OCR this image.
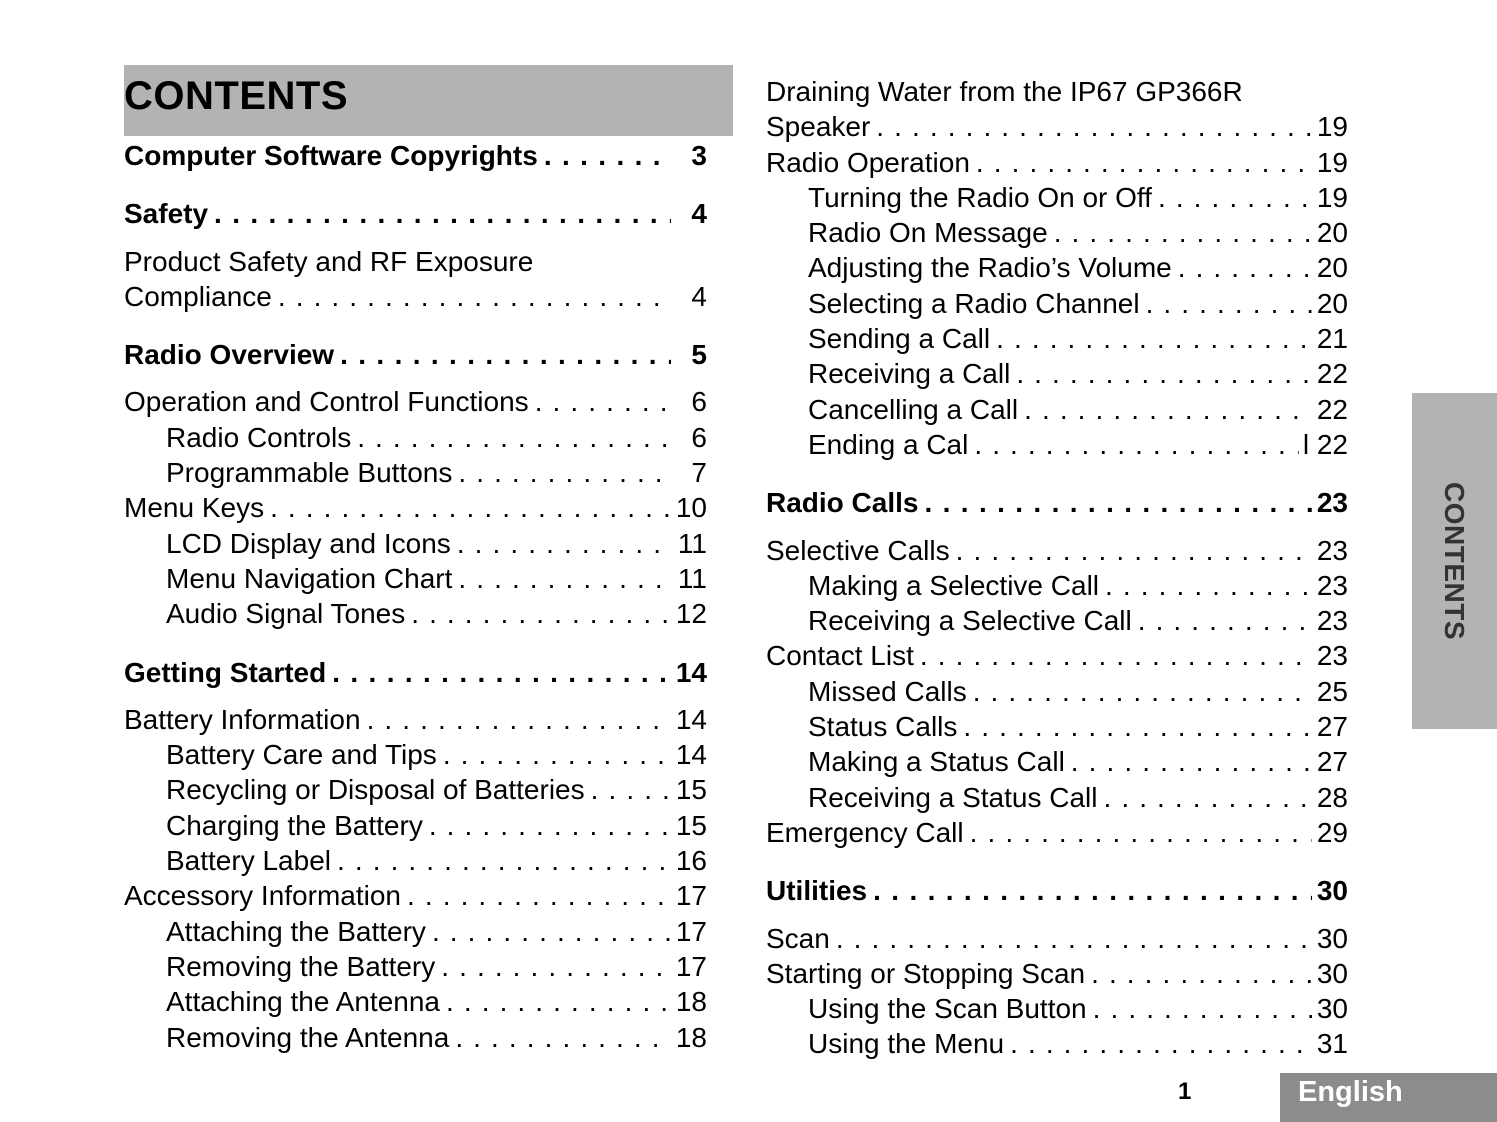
CONTENTS
Computer Software Copyrights . . .	3
Safety . . .	4
Product Safety and RF Exposure
Compliance . . .	4
Radio Overview . . .	5
Operation and Control Functions . . .	6
Radio Controls . . .	6
Programmable Buttons . . .	7
Menu Keys . . .	10
LCD Display and Icons . . .	11
Menu Navigation Chart . . .	11
Audio Signal Tones . . .	12
Getting Started . . .	14
Battery Information . . .	14
Battery Care and Tips . . .	14
Recycling or Disposal of Batteries . . .	15
Charging the Battery . . .	15
Battery Label . . .	16
Accessory Information . . .	17
Attaching the Battery . . .	17
Removing the Battery . . .	17
Attaching the Antenna . . .	18
Removing the Antenna . . .	18
Draining Water from the IP67 GP366R
Speaker . . .	19
Radio Operation . . .	19
Turning the Radio On or Off . . .	19
Radio On Message . . .	20
Adjusting the Radio’s Volume . . .	20
Selecting a Radio Channel . . .	20
Sending a Call . . .	21
Receiving a Call . . .	22
Cancelling a Call . . .	22
Ending a Cal . . .	l 22
Radio Calls . . .	23
Selective Calls . . .	23
Making a Selective Call . . .	23
Receiving a Selective Call . . .	23
Contact List . . .	23
Missed Calls . . .	25
Status Calls . . .	27
Making a Status Call . . .	27
Receiving a Status Call . . .	28
Emergency Call . . .	29
Utilities . . .	30
Scan . . .	30
Starting or Stopping Scan . . .	30
Using the Scan Button . . .	30
Using the Menu . . .	31
CONTENTS
1	English
